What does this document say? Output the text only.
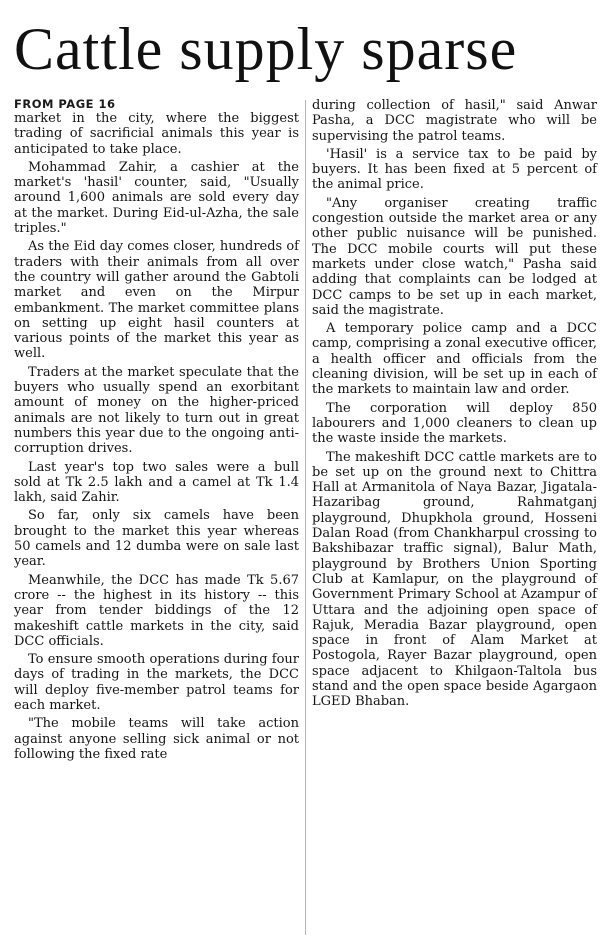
Cattle supply sparse
FROM PAGE 16

market in the city, where the biggest trading of sacrificial animals this year is anticipated to take place.

Mohammad Zahir, a cashier at the market's 'hasil' counter, said, "Usually around 1,600 animals are sold every day at the market. During Eid-ul-Azha, the sale triples."

As the Eid day comes closer, hundreds of traders with their animals from all over the country will gather around the Gabtoli market and even on the Mirpur embankment. The market committee plans on setting up eight hasil counters at various points of the market this year as well.

Traders at the market speculate that the buyers who usually spend an exorbitant amount of money on the higher-priced animals are not likely to turn out in great numbers this year due to the ongoing anti-corruption drives.

Last year's top two sales were a bull sold at Tk 2.5 lakh and a camel at Tk 1.4 lakh, said Zahir.

So far, only six camels have been brought to the market this year whereas 50 camels and 12 dumba were on sale last year.

Meanwhile, the DCC has made Tk 5.67 crore -- the highest in its history -- this year from tender biddings of the 12 makeshift cattle markets in the city, said DCC officials.

To ensure smooth operations during four days of trading in the markets, the DCC will deploy five-member patrol teams for each market.

"The mobile teams will take action against anyone selling sick animal or not following the fixed rate

during collection of hasil," said Anwar Pasha, a DCC magistrate who will be supervising the patrol teams.

'Hasil' is a service tax to be paid by buyers. It has been fixed at 5 percent of the animal price.

"Any organiser creating traffic congestion outside the market area or any other public nuisance will be punished. The DCC mobile courts will put these markets under close watch," Pasha said adding that complaints can be lodged at DCC camps to be set up in each market, said the magistrate.

A temporary police camp and a DCC camp, comprising a zonal executive officer, a health officer and officials from the cleaning division, will be set up in each of the markets to maintain law and order.

The corporation will deploy 850 labourers and 1,000 cleaners to clean up the waste inside the markets.

The makeshift DCC cattle markets are to be set up on the ground next to Chittra Hall at Armanitola of Naya Bazar, Jigatala-Hazaribag ground, Rahmatganj playground, Dhupkhola ground, Hosseni Dalan Road (from Chankharpul crossing to Bakshibazar traffic signal), Balur Math, playground by Brothers Union Sporting Club at Kamlapur, on the playground of Government Primary School at Azampur of Uttara and the adjoining open space of Rajuk, Meradia Bazar playground, open space in front of Alam Market at Postogola, Rayer Bazar playground, open space adjacent to Khilgaon-Taltola bus stand and the open space beside Agargaon LGED Bhaban.
